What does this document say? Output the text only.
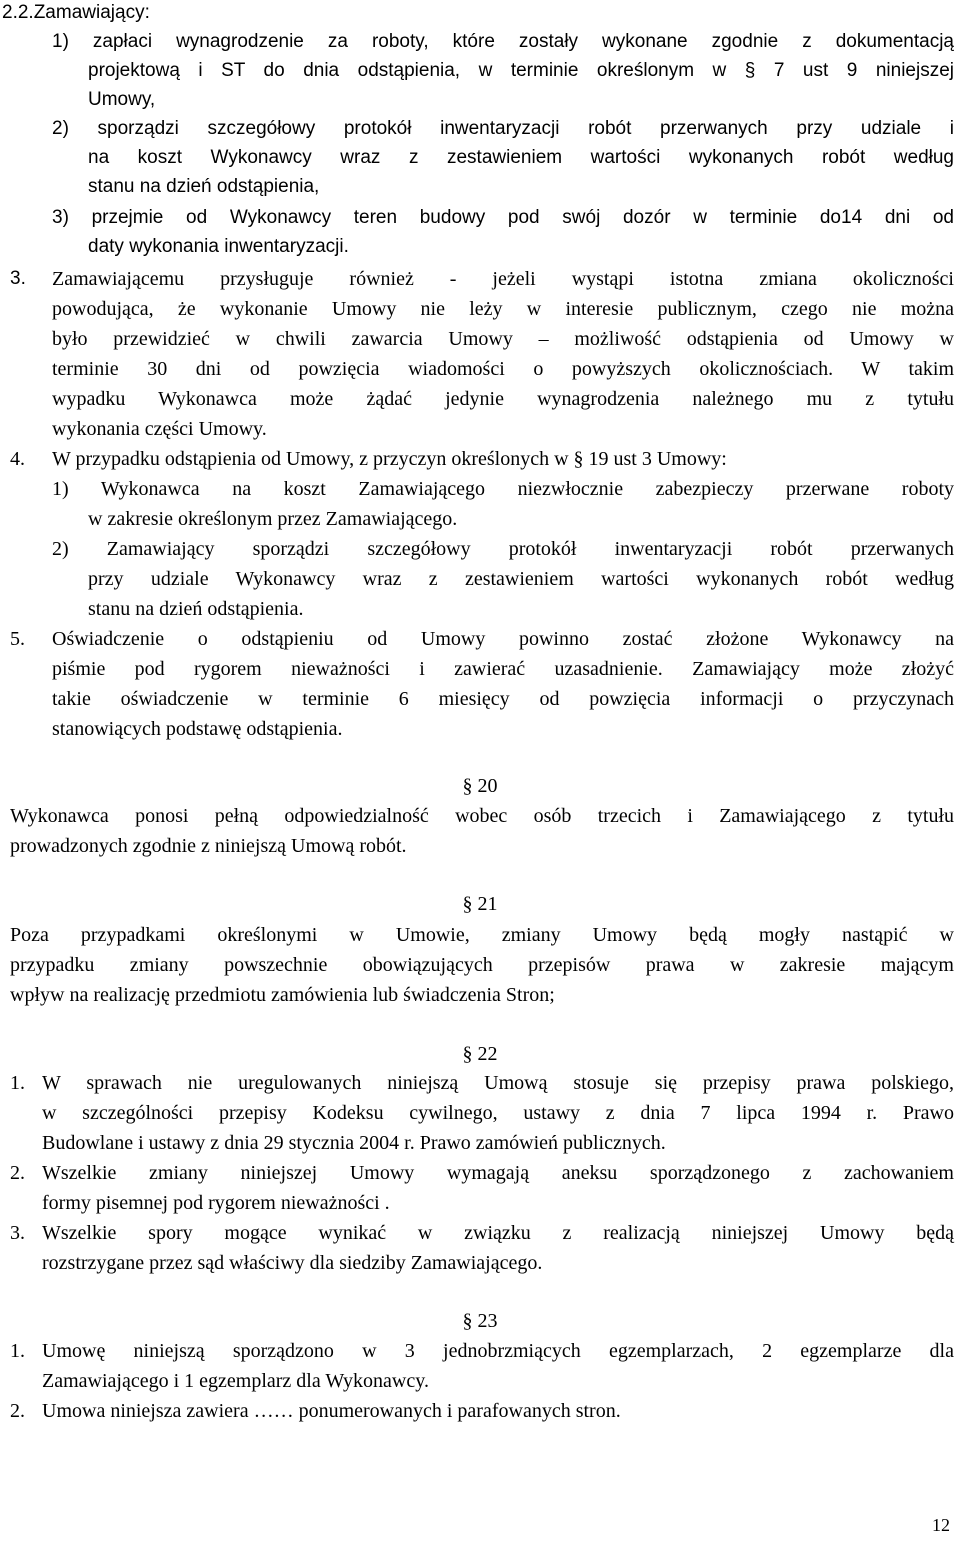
2.2.Zamawiający:
1) zapłaci wynagrodzenie za roboty, które zostały wykonane zgodnie z dokumentacją
projektową i ST do dnia odstąpienia, w terminie określonym w § 7 ust 9 niniejszej
Umowy,
2) sporządzi szczegółowy protokół inwentaryzacji robót przerwanych przy udziale i
na koszt Wykonawcy wraz z zestawieniem wartości wykonanych robót według
stanu na dzień odstąpienia,
3) przejmie od Wykonawcy teren budowy pod swój dozór w terminie do14 dni od
daty wykonania inwentaryzacji.
3. Zamawiającemu przysługuje również - jeżeli wystąpi istotna zmiana okoliczności
powodująca, że wykonanie Umowy nie leży w interesie publicznym, czego nie można
było przewidzieć w chwili zawarcia Umowy – możliwość odstąpienia od Umowy w
terminie 30 dni od powzięcia wiadomości o powyższych okolicznościach. W takim
wypadku Wykonawca może żądać jedynie wynagrodzenia należnego mu z tytułu
wykonania części Umowy.
4. W przypadku odstąpienia od Umowy, z przyczyn określonych w § 19 ust 3 Umowy:
1) Wykonawca na koszt Zamawiającego niezwłocznie zabezpieczy przerwane roboty
w zakresie określonym przez Zamawiającego.
2) Zamawiający sporządzi szczegółowy protokół inwentaryzacji robót przerwanych
przy udziale Wykonawcy wraz z zestawieniem wartości wykonanych robót według
stanu na dzień odstąpienia.
5. Oświadczenie o odstąpieniu od Umowy powinno zostać złożone Wykonawcy na
piśmie pod rygorem nieważności i zawierać uzasadnienie. Zamawiający może złożyć
takie oświadczenie w terminie 6 miesięcy od powzięcia informacji o przyczynach
stanowiących podstawę odstąpienia.
§ 20
Wykonawca ponosi pełną odpowiedzialność wobec osób trzecich i Zamawiającego z tytułu
prowadzonych zgodnie z niniejszą Umową robót.
§ 21
Poza przypadkami określonymi w Umowie, zmiany Umowy będą mogły nastąpić w
przypadku zmiany powszechnie obowiązujących przepisów prawa w zakresie mającym
wpływ na realizację przedmiotu zamówienia lub świadczenia Stron;
§ 22
1. W sprawach nie uregulowanych niniejszą Umową stosuje się przepisy prawa polskiego,
w szczególności przepisy Kodeksu cywilnego, ustawy z dnia 7 lipca 1994 r. Prawo
Budowlane i ustawy z dnia 29 stycznia 2004 r. Prawo zamówień publicznych.
2. Wszelkie zmiany niniejszej Umowy wymagają aneksu sporządzonego z zachowaniem
formy pisemnej pod rygorem nieważności .
3. Wszelkie spory mogące wynikać w związku z realizacją niniejszej Umowy będą
rozstrzygane przez sąd właściwy dla siedziby Zamawiającego.
§ 23
1. Umowę niniejszą sporządzono w 3 jednobrzmiących egzemplarzach, 2 egzemplarze dla
Zamawiającego i 1 egzemplarz dla Wykonawcy.
2. Umowa niniejsza zawiera …… ponumerowanych i parafowanych stron.
12
